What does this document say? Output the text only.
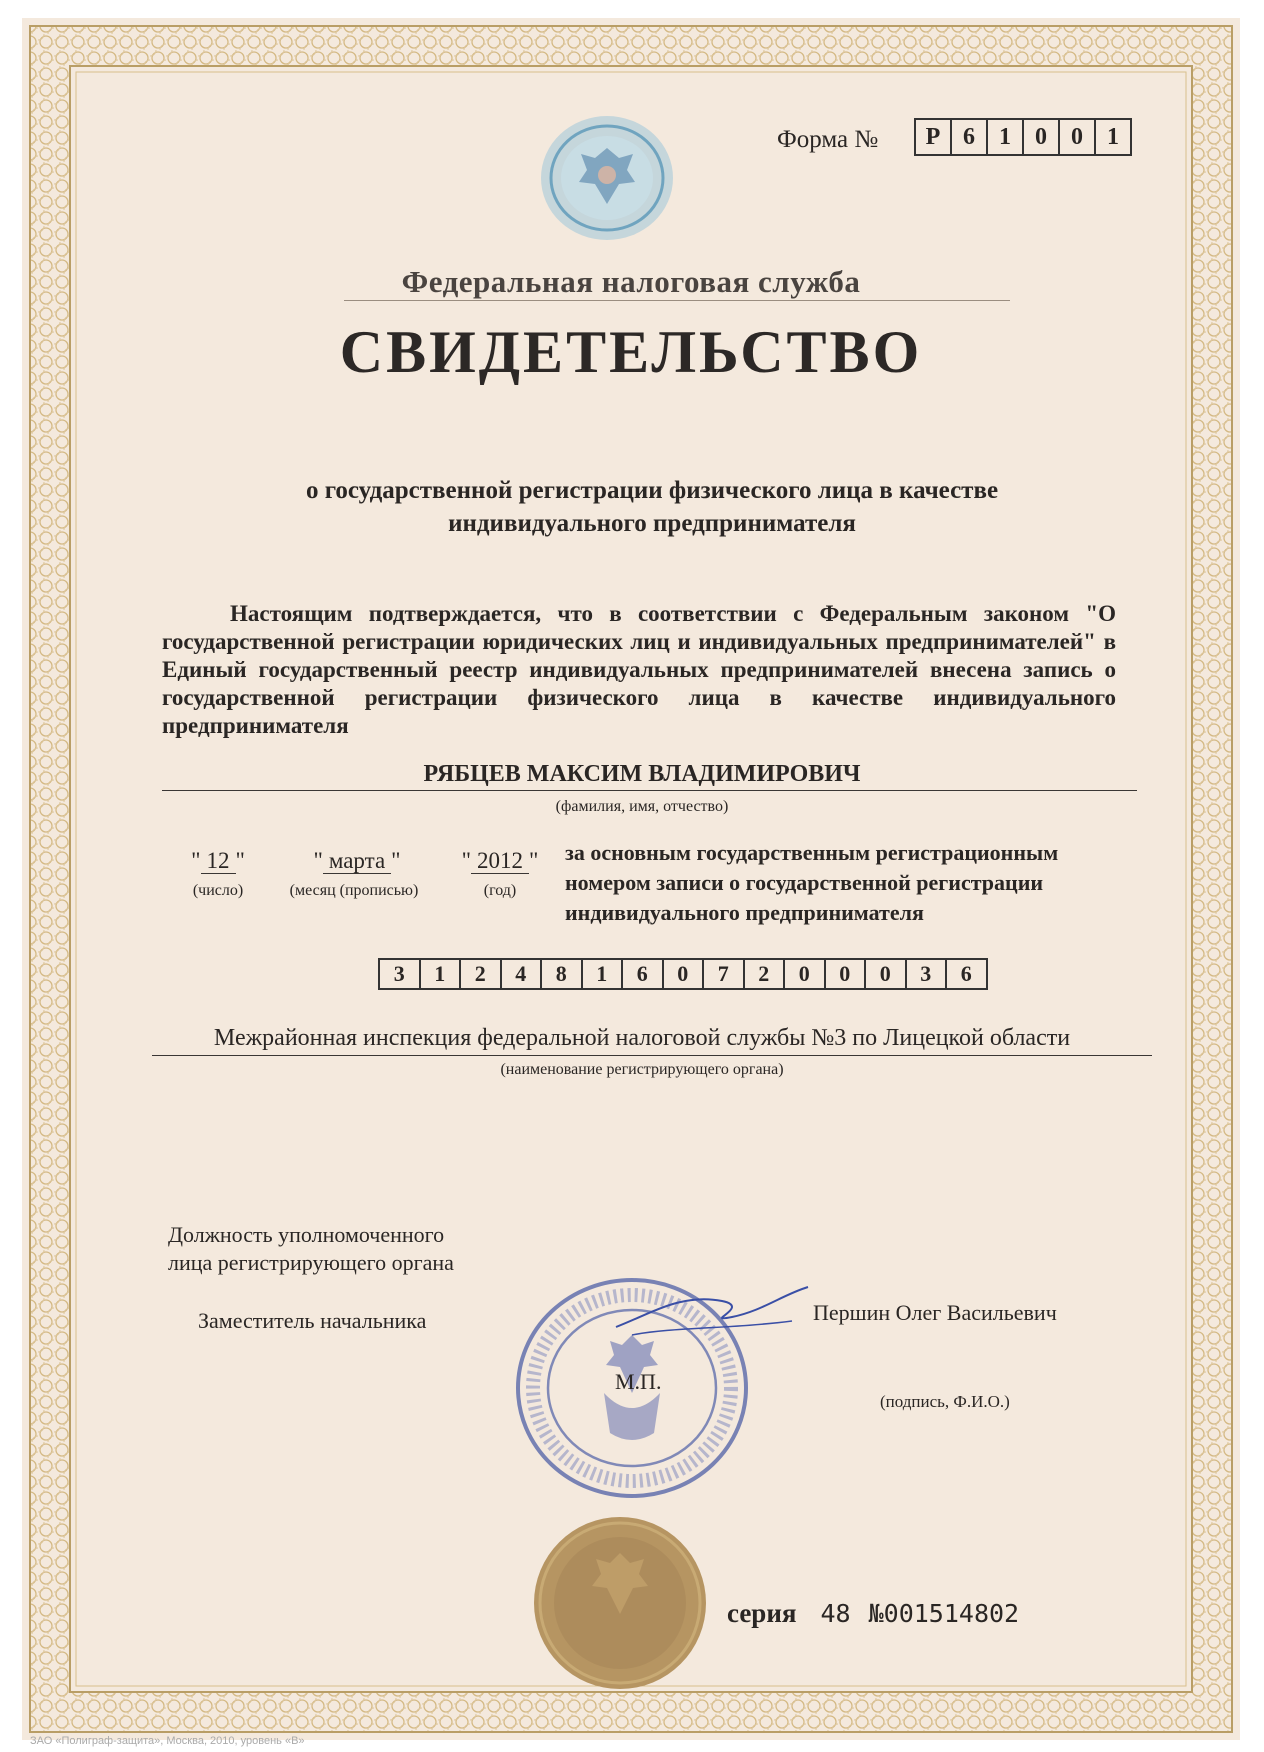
Форма №	Р 6	1	0	0	1
Федеральная налоговая служба
СВИДЕТЕЛЬСТВО
о государственной регистрации физического лица в качестве
индивидуального предпринимателя
Настоящим подтверждается, что в соответствии с Федеральным законом "О государственной регистрации юридических лиц и индивидуальных предпринимателей" в Единый государственный реестр индивидуальных предпринимателей внесена запись о государственной регистрации физического лица в качестве индивидуального предпринимателя
РЯБЦЕВ МАКСИМ ВЛАДИМИРОВИЧ
(фамилия, имя, отчество)
" 12 "	" марта "	" 2012 "
(число)	(месяц (прописью)	(год)
за основным государственным регистрационным
номером записи о государственной регистрации
индивидуального предпринимателя
3	1	2	4	8	1	6	0	7	2	0	0	0	3	6
Межрайонная инспекция федеральной налоговой службы №3 по Лицецкой области
(наименование регистрирующего органа)
Должность уполномоченного
лица регистрирующего органа
Заместитель начальника	Першин Олег Васильевич
(подпись, Ф.И.О.)
М.П.
серия 48 №001514802
ЗАО «Полиграф-защита», Москва, 2010, уровень «В»
